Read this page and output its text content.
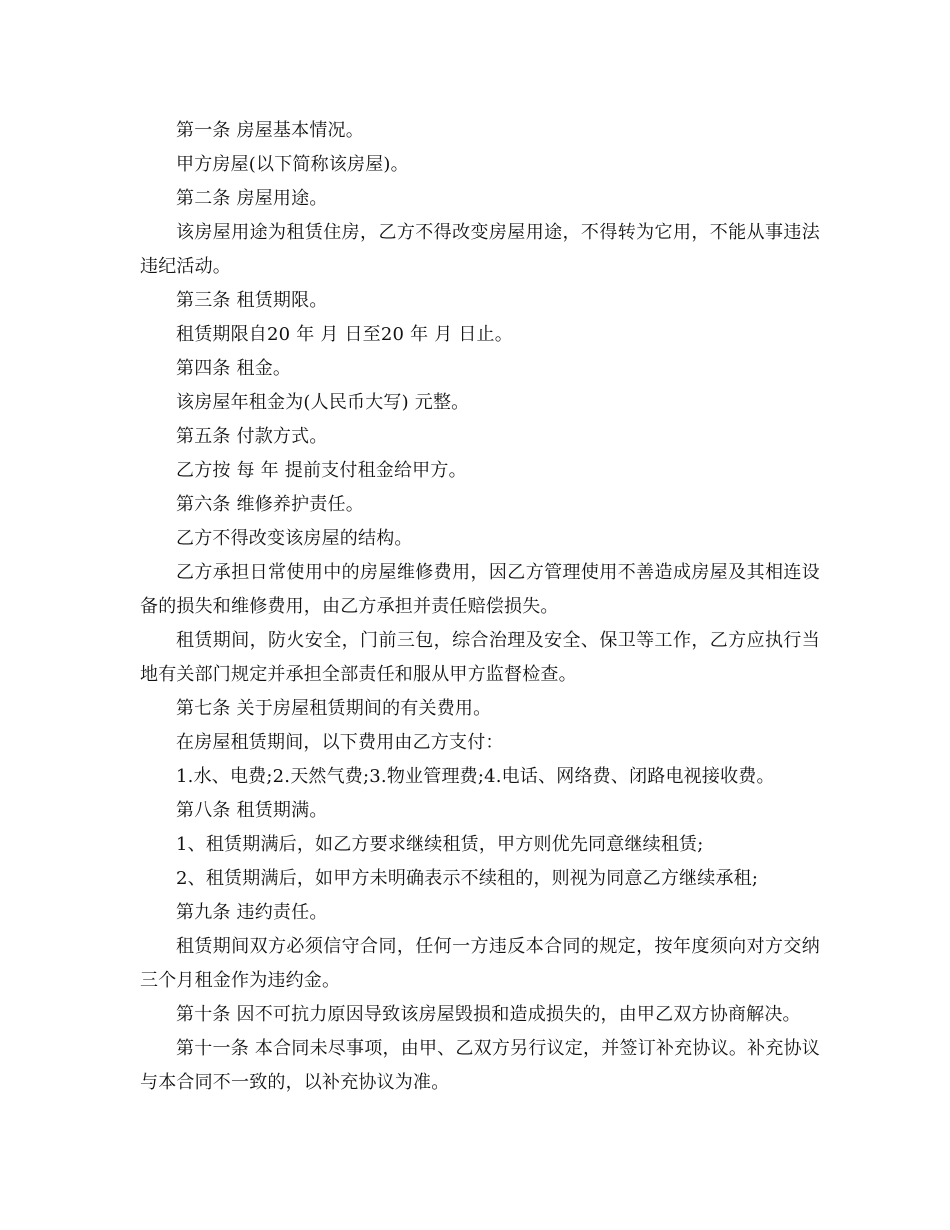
第一条 房屋基本情况。

甲方房屋(以下简称该房屋)。

第二条 房屋用途。

该房屋用途为租赁住房，乙方不得改变房屋用途，不得转为它用，不能从事违法违纪活动。

第三条 租赁期限。

租赁期限自20 年 月 日至20 年 月 日止。

第四条 租金。

该房屋年租金为(人民币大写) 元整。

第五条 付款方式。

乙方按 每 年 提前支付租金给甲方。

第六条 维修养护责任。

乙方不得改变该房屋的结构。

乙方承担日常使用中的房屋维修费用，因乙方管理使用不善造成房屋及其相连设备的损失和维修费用，由乙方承担并责任赔偿损失。

租赁期间，防火安全，门前三包，综合治理及安全、保卫等工作，乙方应执行当地有关部门规定并承担全部责任和服从甲方监督检查。

第七条 关于房屋租赁期间的有关费用。

在房屋租赁期间，以下费用由乙方支付：

1.水、电费;2.天然气费;3.物业管理费;4.电话、网络费、闭路电视接收费。

第八条 租赁期满。

1、租赁期满后，如乙方要求继续租赁，甲方则优先同意继续租赁;

2、租赁期满后，如甲方未明确表示不续租的，则视为同意乙方继续承租;

第九条 违约责任。

租赁期间双方必须信守合同，任何一方违反本合同的规定，按年度须向对方交纳三个月租金作为违约金。

第十条 因不可抗力原因导致该房屋毁损和造成损失的，由甲乙双方协商解决。

第十一条 本合同未尽事项，由甲、乙双方另行议定，并签订补充协议。补充协议与本合同不一致的，以补充协议为准。
